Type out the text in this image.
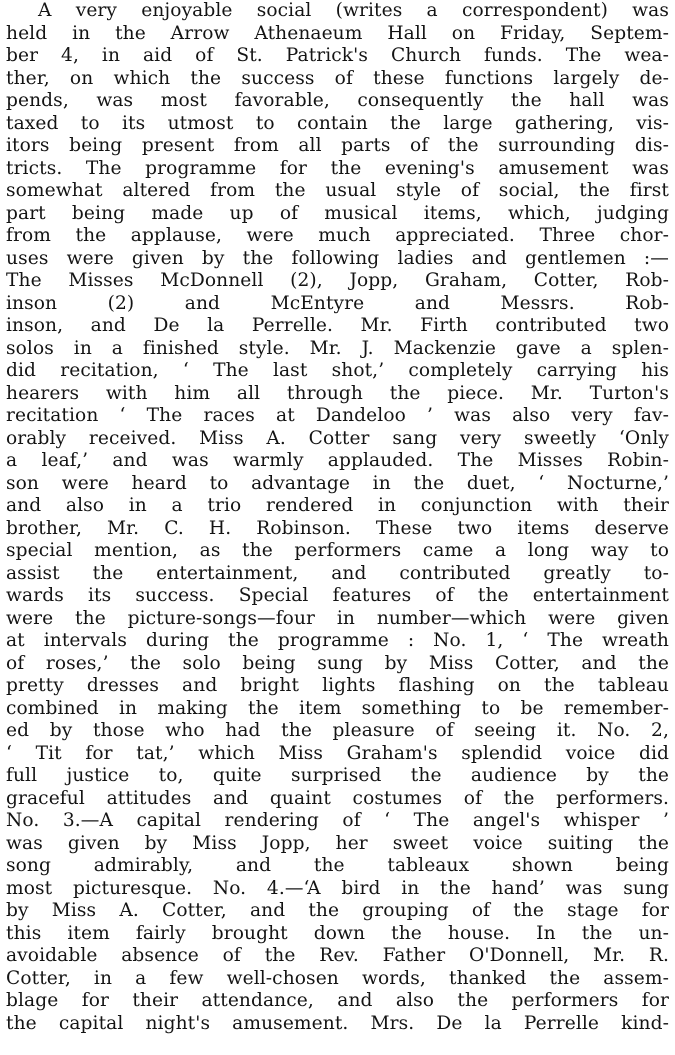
A very enjoyable social (writes a correspondent) was
held in the Arrow Athenaeum Hall on Friday, Septem-
ber 4, in aid of St. Patrick's Church funds. The wea-
ther, on which the success of these functions largely de-
pends, was most favorable, consequently the hall was
taxed to its utmost to contain the large gathering, vis-
itors being present from all parts of the surrounding dis-
tricts. The programme for the evening's amusement was
somewhat altered from the usual style of social, the first
part being made up of musical items, which, judging
from the applause, were much appreciated. Three chor-
uses were given by the following ladies and gentlemen :—
The Misses McDonnell (2), Jopp, Graham, Cotter, Rob-
inson (2) and McEntyre and Messrs. Rob-
inson, and De la Perrelle. Mr. Firth contributed two
solos in a finished style. Mr. J. Mackenzie gave a splen-
did recitation, ‘ The last shot,’ completely carrying his
hearers with him all through the piece. Mr. Turton's
recitation ‘ The races at Dandeloo ’ was also very fav-
orably received. Miss A. Cotter sang very sweetly ‘Only
a leaf,’ and was warmly applauded. The Misses Robin-
son were heard to advantage in the duet, ‘ Nocturne,’
and also in a trio rendered in conjunction with their
brother, Mr. C. H. Robinson. These two items deserve
special mention, as the performers came a long way to
assist the entertainment, and contributed greatly to-
wards its success. Special features of the entertainment
were the picture-songs—four in number—which were given
at intervals during the programme : No. 1, ‘ The wreath
of roses,’ the solo being sung by Miss Cotter, and the
pretty dresses and bright lights flashing on the tableau
combined in making the item something to be remember-
ed by those who had the pleasure of seeing it. No. 2,
‘ Tit for tat,’ which Miss Graham's splendid voice did
full justice to, quite surprised the audience by the
graceful attitudes and quaint costumes of the performers.
No. 3.—A capital rendering of ‘ The angel's whisper ’
was given by Miss Jopp, her sweet voice suiting the
song admirably, and the tableaux shown being
most picturesque. No. 4.—‘A bird in the hand’ was sung
by Miss A. Cotter, and the grouping of the stage for
this item fairly brought down the house. In the un-
avoidable absence of the Rev. Father O'Donnell, Mr. R.
Cotter, in a few well-chosen words, thanked the assem-
blage for their attendance, and also the performers for
the capital night's amusement. Mrs. De la Perrelle kind-
